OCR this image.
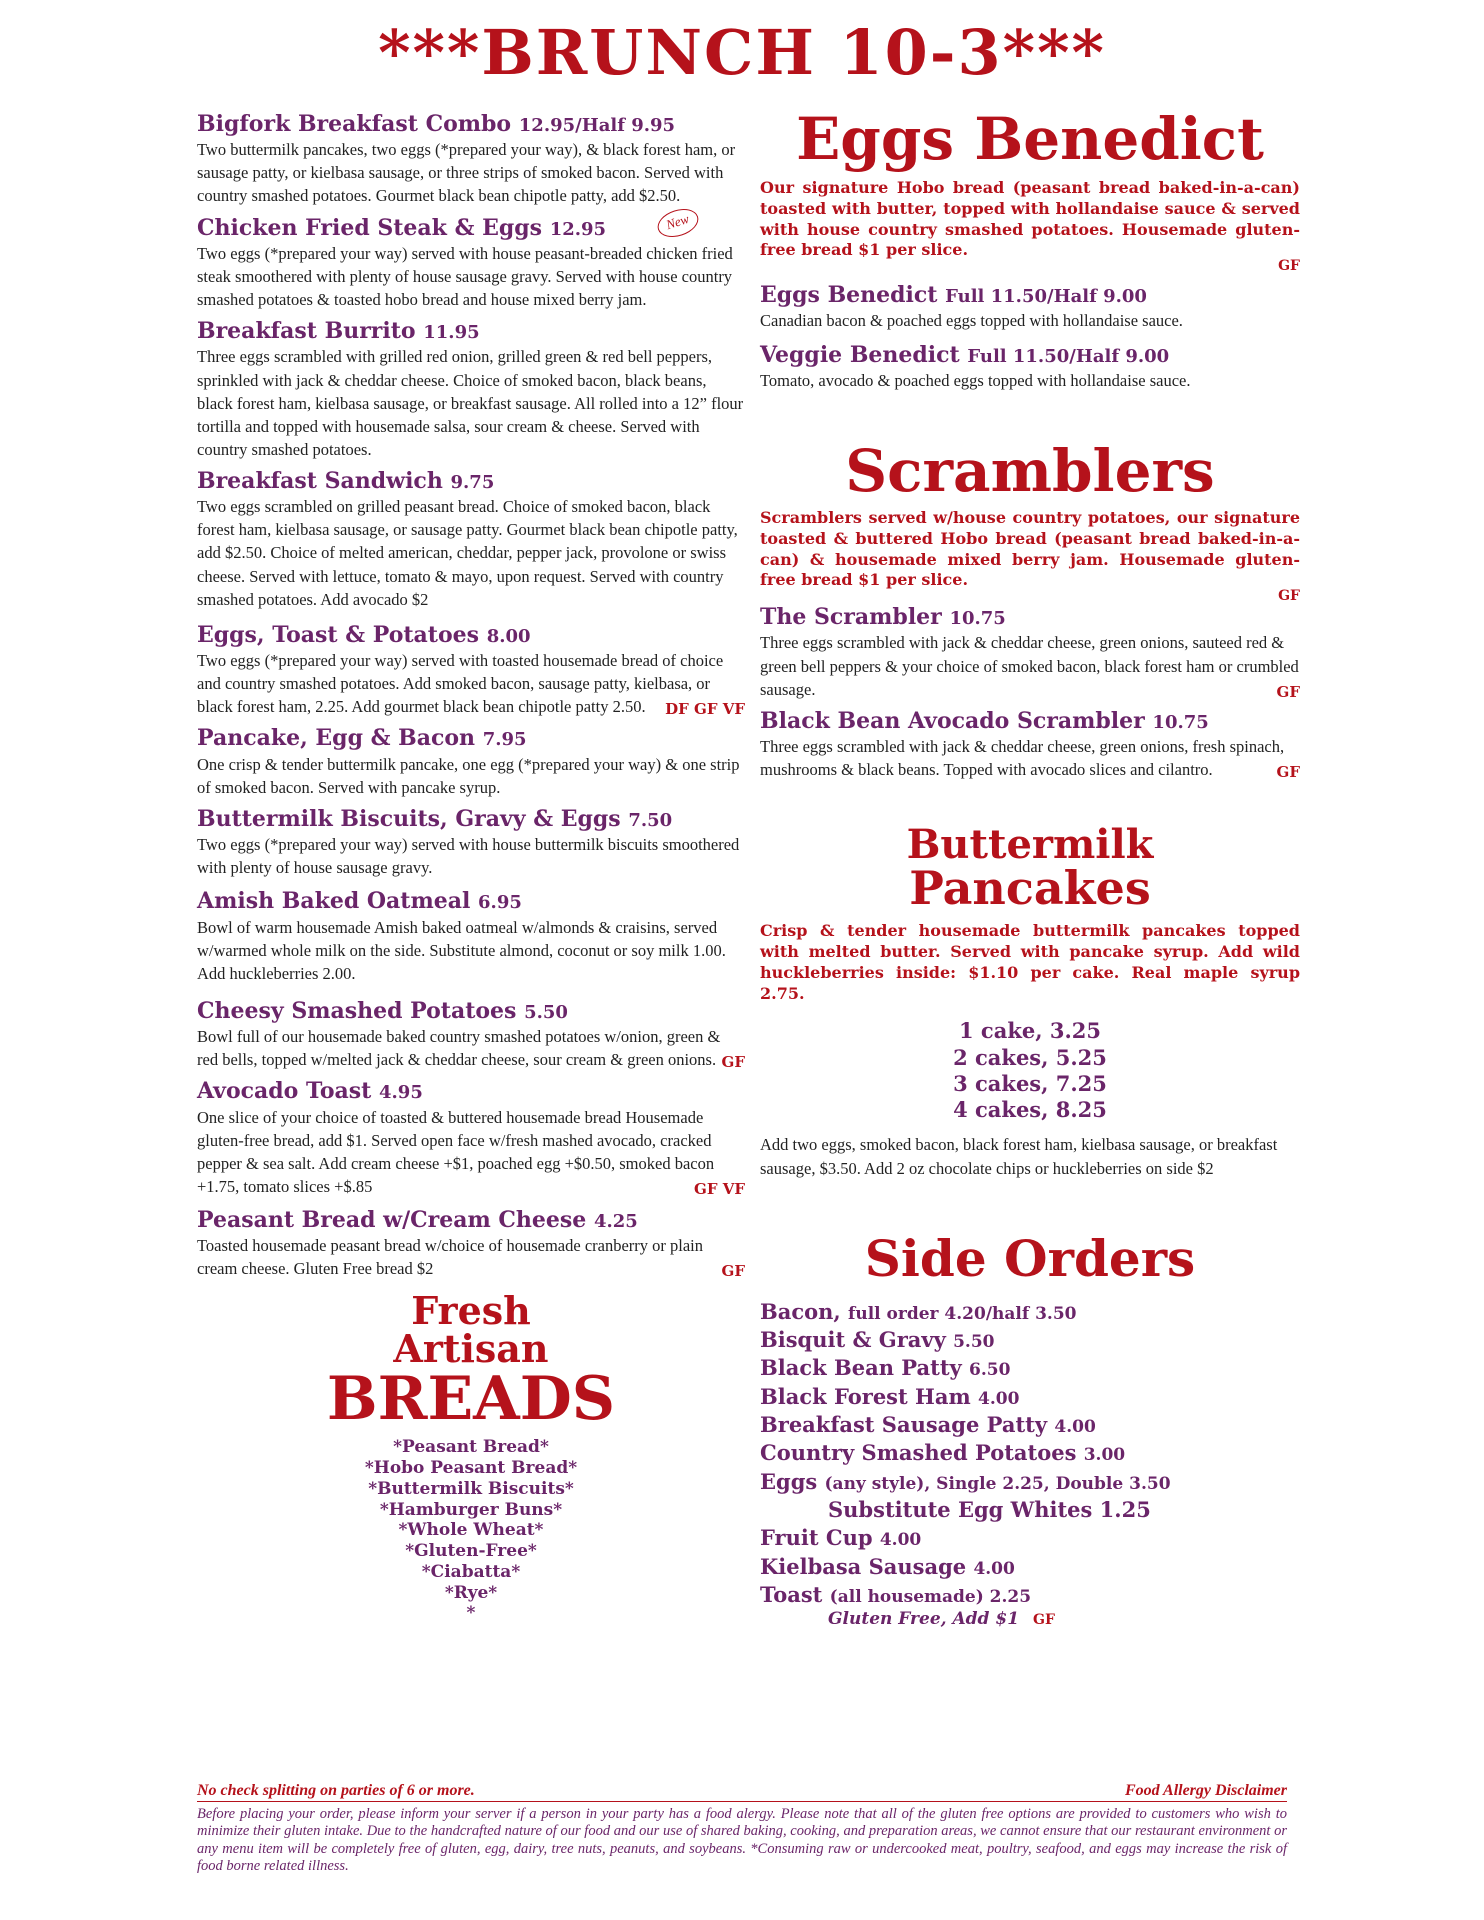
***BRUNCH 10-3***
Bigfork Breakfast Combo 12.95/Half 9.95
Two buttermilk pancakes, two eggs (*prepared your way), & black forest ham, or sausage patty, or kielbasa sausage, or three strips of smoked bacon. Served with country smashed potatoes. Gourmet black bean chipotle patty, add $2.50.
Chicken Fried Steak & Eggs 12.95	New
Two eggs (*prepared your way) served with house peasant-breaded chicken fried steak smoothered with plenty of house sausage gravy. Served with house country smashed potatoes & toasted hobo bread and house mixed berry jam.
Breakfast Burrito 11.95
Three eggs scrambled with grilled red onion, grilled green & red bell peppers, sprinkled with jack & cheddar cheese. Choice of smoked bacon, black beans, black forest ham, kielbasa sausage, or breakfast sausage. All rolled into a 12” flour tortilla and topped with housemade salsa, sour cream & cheese. Served with country smashed potatoes.
Breakfast Sandwich 9.75
Two eggs scrambled on grilled peasant bread. Choice of smoked bacon, black forest ham, kielbasa sausage, or sausage patty. Gourmet black bean chipotle patty, add $2.50. Choice of melted american, cheddar, pepper jack, provolone or swiss cheese. Served with lettuce, tomato & mayo, upon request. Served with country smashed potatoes. Add avocado $2
Eggs, Toast & Potatoes 8.00
Two eggs (*prepared your way) served with toasted housemade bread of choice and country smashed potatoes. Add smoked bacon, sausage patty, kielbasa, or black forest ham, 2.25. Add gourmet black bean chipotle patty 2.50.	DF GF VF
Pancake, Egg & Bacon 7.95
One crisp & tender buttermilk pancake, one egg (*prepared your way) & one strip of smoked bacon. Served with pancake syrup.
Buttermilk Biscuits, Gravy & Eggs 7.50
Two eggs (*prepared your way) served with house buttermilk biscuits smoothered with plenty of house sausage gravy.
Amish Baked Oatmeal 6.95
Bowl of warm housemade Amish baked oatmeal w/almonds & craisins, served w/warmed whole milk on the side. Substitute almond, coconut or soy milk 1.00. Add huckleberries 2.00.
Cheesy Smashed Potatoes 5.50
Bowl full of our housemade baked country smashed potatoes w/onion, green & red bells, topped w/melted jack & cheddar cheese, sour cream & green onions. GF
Avocado Toast 4.95
One slice of your choice of toasted & buttered housemade bread Housemade gluten-free bread, add $1. Served open face w/fresh mashed avocado, cracked pepper & sea salt. Add cream cheese +$1, poached egg +$0.50, smoked bacon +1.75, tomato slices +$.85	GF VF
Peasant Bread w/Cream Cheese 4.25
Toasted housemade peasant bread w/choice of housemade cranberry or plain cream cheese. Gluten Free bread $2	GF
Fresh
Artisan
BREADS
*Peasant Bread*
*Hobo Peasant Bread*
*Buttermilk Biscuits*
*Hamburger Buns*
*Whole Wheat*
*Gluten-Free*
*Ciabatta*
*Rye*
*
Eggs Benedict
Our signature Hobo bread (peasant bread baked-in-a-can) toasted with butter, topped with hollandaise sauce & served with house country smashed potatoes. Housemade gluten-free bread $1 per slice.
GF
Eggs Benedict Full 11.50/Half 9.00
Canadian bacon & poached eggs topped with hollandaise sauce.
Veggie Benedict Full 11.50/Half 9.00
Tomato, avocado & poached eggs topped with hollandaise sauce.
Scramblers
Scramblers served w/house country potatoes, our signature toasted & buttered Hobo bread (peasant bread baked-in-a-can) & housemade mixed berry jam. Housemade gluten-free bread $1 per slice.
GF
The Scrambler 10.75
Three eggs scrambled with jack & cheddar cheese, green onions, sauteed red & green bell peppers & your choice of smoked bacon, black forest ham or crumbled sausage.	GF
Black Bean Avocado Scrambler 10.75
Three eggs scrambled with jack & cheddar cheese, green onions, fresh spinach, mushrooms & black beans. Topped with avocado slices and cilantro.	GF
Buttermilk
Pancakes
Crisp & tender housemade buttermilk pancakes topped with melted butter. Served with pancake syrup. Add wild huckleberries inside: $1.10 per cake. Real maple syrup 2.75.
1 cake, 3.25
2 cakes, 5.25
3 cakes, 7.25
4 cakes, 8.25
Add two eggs, smoked bacon, black forest ham, kielbasa sausage, or breakfast sausage, $3.50. Add 2 oz chocolate chips or huckleberries on side $2
Side Orders
Bacon, full order 4.20/half 3.50
Bisquit & Gravy 5.50
Black Bean Patty 6.50
Black Forest Ham 4.00
Breakfast Sausage Patty 4.00
Country Smashed Potatoes 3.00
Eggs (any style), Single 2.25, Double 3.50
Substitute Egg Whites 1.25
Fruit Cup 4.00
Kielbasa Sausage 4.00
Toast (all housemade) 2.25
Gluten Free, Add $1 GF
No check splitting on parties of 6 or more.	Food Allergy Disclaimer
Before placing your order, please inform your server if a person in your party has a food alergy. Please note that all of the gluten free options are provided to customers who wish to minimize their gluten intake. Due to the handcrafted nature of our food and our use of shared baking, cooking, and preparation areas, we cannot ensure that our restaurant environment or any menu item will be completely free of gluten, egg, dairy, tree nuts, peanuts, and soybeans. *Consuming raw or undercooked meat, poultry, seafood, and eggs may increase the risk of food borne related illness.
